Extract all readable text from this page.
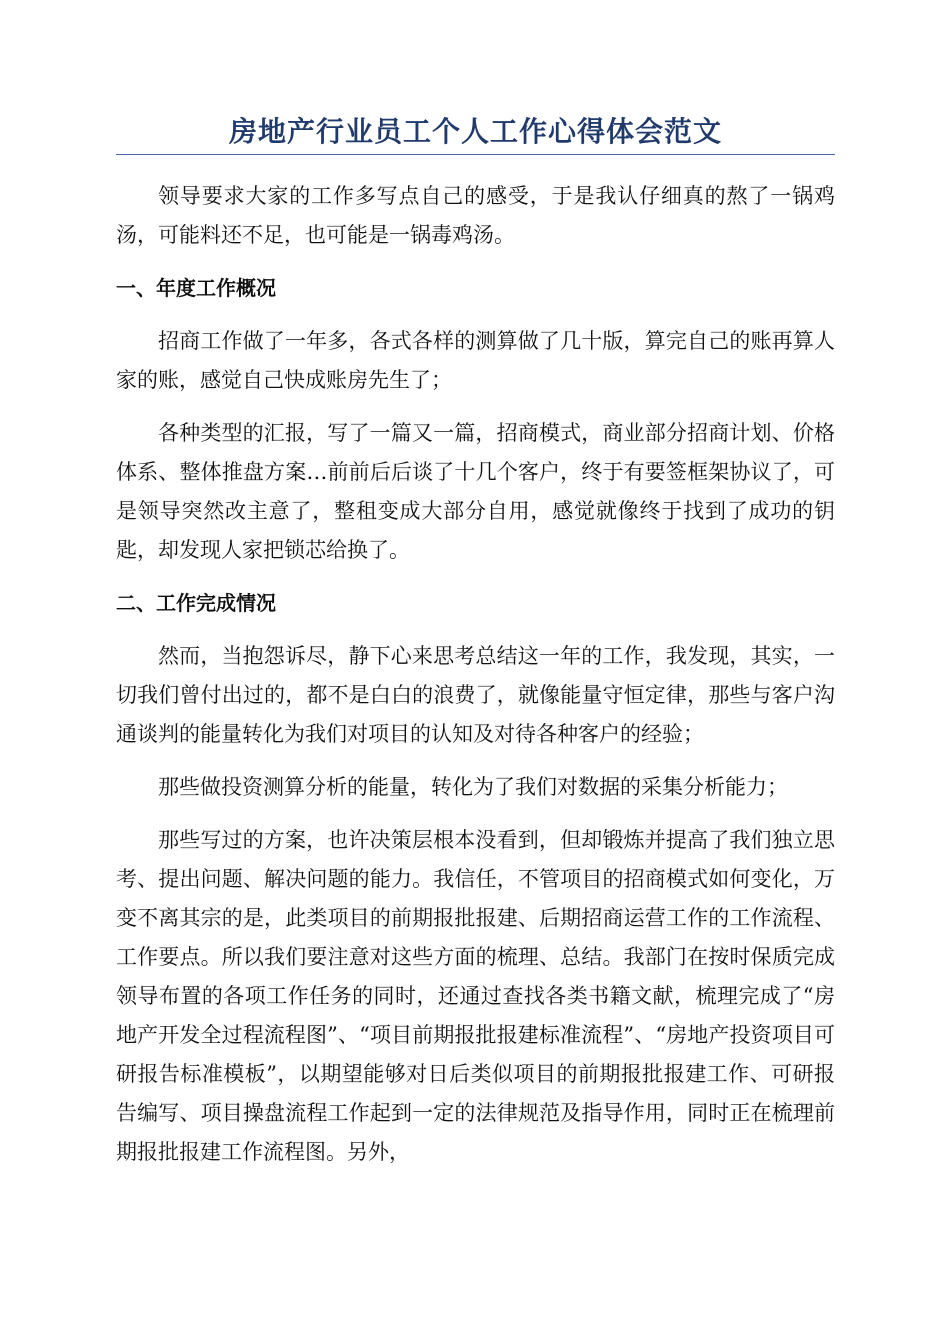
房地产行业员工个人工作心得体会范文

领导要求大家的工作多写点自己的感受，于是我认仔细真的熬了一锅鸡汤，可能料还不足，也可能是一锅毒鸡汤。

一、年度工作概况

招商工作做了一年多，各式各样的测算做了几十版，算完自己的账再算人家的账，感觉自己快成账房先生了；

各种类型的汇报，写了一篇又一篇，招商模式，商业部分招商计划、价格体系、整体推盘方案…前前后后谈了十几个客户，终于有要签框架协议了，可是领导突然改主意了，整租变成大部分自用，感觉就像终于找到了成功的钥匙，却发现人家把锁芯给换了。

二、工作完成情况

然而，当抱怨诉尽，静下心来思考总结这一年的工作，我发现，其实，一切我们曾付出过的，都不是白白的浪费了，就像能量守恒定律，那些与客户沟通谈判的能量转化为我们对项目的认知及对待各种客户的经验；

那些做投资测算分析的能量，转化为了我们对数据的采集分析能力；

那些写过的方案，也许决策层根本没看到，但却锻炼并提高了我们独立思考、提出问题、解决问题的能力。我信任，不管项目的招商模式如何变化，万变不离其宗的是，此类项目的前期报批报建、后期招商运营工作的工作流程、工作要点。所以我们要注意对这些方面的梳理、总结。我部门在按时保质完成领导布置的各项工作任务的同时，还通过查找各类书籍文献，梳理完成了“房地产开发全过程流程图”、“项目前期报批报建标准流程”、“房地产投资项目可研报告标准模板”，以期望能够对日后类似项目的前期报批报建工作、可研报告编写、项目操盘流程工作起到一定的法律规范及指导作用，同时正在梳理前期报批报建工作流程图。另外，
